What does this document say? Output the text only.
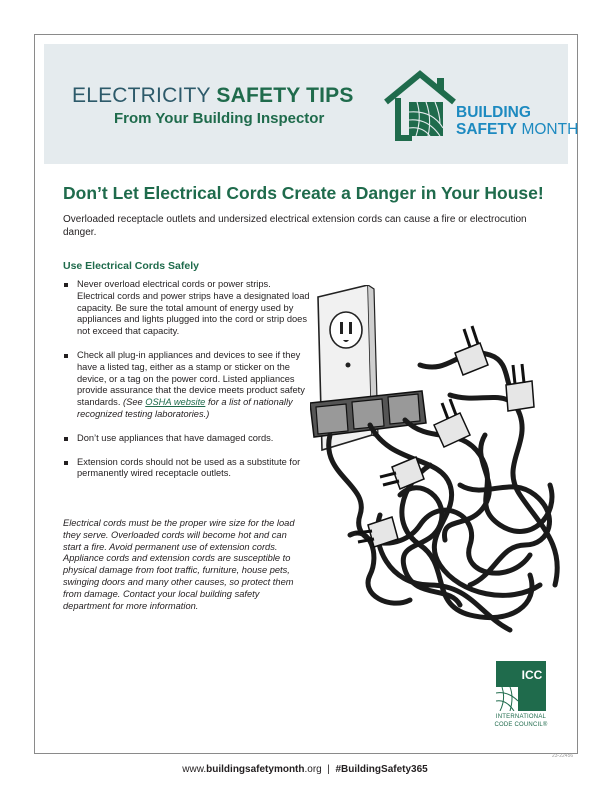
ELECTRICITY SAFETY TIPS
From Your Building Inspector	BUILDING
SAFETY MONTH
Don’t Let Electrical Cords Create a Danger in Your House!
Overloaded receptacle outlets and undersized electrical extension cords can cause a fire or electrocution danger.
Use Electrical Cords Safely
Never overload electrical cords or power strips. Electrical cords and power strips have a designated load capacity. Be sure the total amount of energy used by appliances and lights plugged into the cord or strip does not exceed that capacity.
Check all plug-in appliances and devices to see if they have a listed tag, either as a stamp or sticker on the device, or a tag on the power cord. Listed appliances provide assurance that the device meets product safety standards. (See OSHA website for a list of nationally recognized testing laboratories.)
Don’t use appliances that have damaged cords.
Extension cords should not be used as a substitute for permanently wired receptacle outlets.
Electrical cords must be the proper wire size for the load they serve. Overloaded cords will become hot and can start a fire. Avoid permanent use of extension cords. Appliance cords and extension cords are susceptible to physical damage from foot traffic, furniture, house pets, swinging doors and many other causes, so protect them from damage. Contact your local building safety department for more information.
ICC
INTERNATIONAL
CODE COUNCIL®
www.buildingsafetymonth.org | #BuildingSafety365
23-22456
